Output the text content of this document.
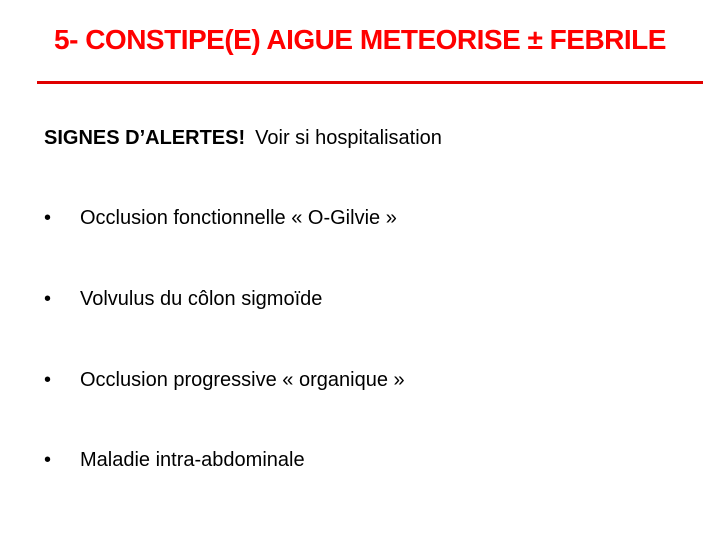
5- CONSTIPE(E) AIGUE METEORISE ± FEBRILE
SIGNES D’ALERTES! Voir si hospitalisation
• Occlusion fonctionnelle « O-Gilvie »
• Volvulus du côlon sigmoïde
• Occlusion progressive « organique »
• Maladie intra-abdominale
